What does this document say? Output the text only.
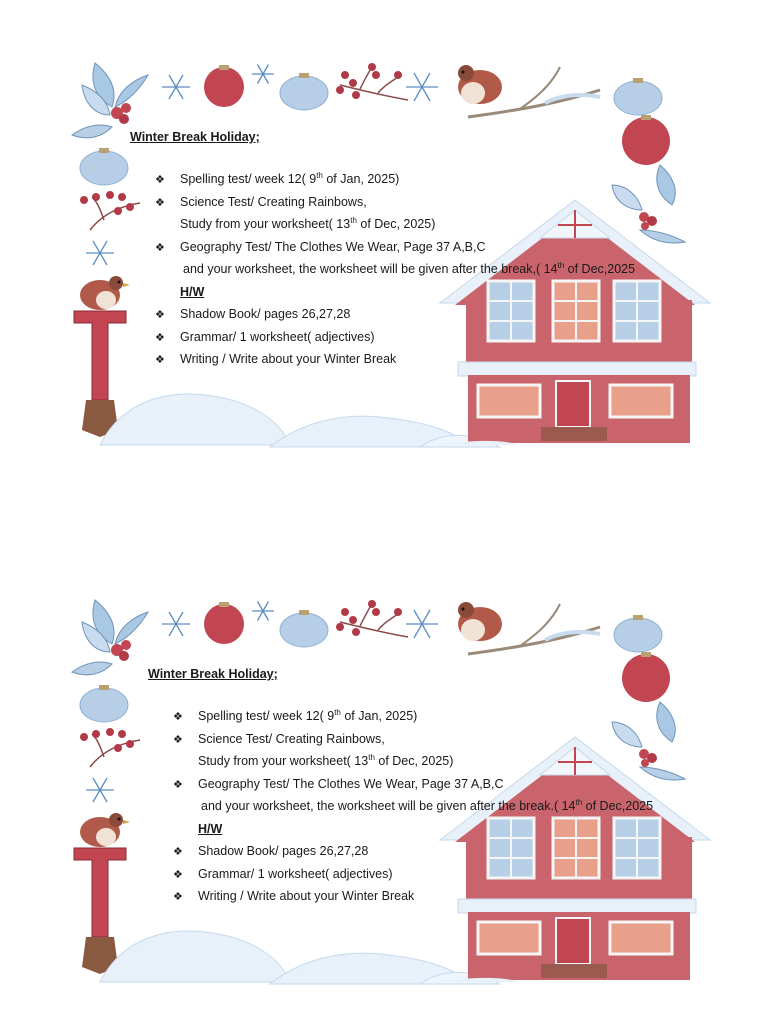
Winter Break Holiday;
❖ Spelling test/ week 12( 9th of Jan, 2025)
❖ Science Test/ Creating Rainbows,
Study from your worksheet( 13th of Dec, 2025)
❖ Geography Test/ The Clothes We Wear, Page 37 A,B,C
and your worksheet, the worksheet will be given after the break,( 14th of Dec,2025
H/W
❖ Shadow Book/ pages 26,27,28
❖ Grammar/ 1 worksheet( adjectives)
❖ Writing / Write about your Winter Break
Winter Break Holiday;
❖ Spelling test/ week 12( 9th of Jan, 2025)
❖ Science Test/ Creating Rainbows,
Study from your worksheet( 13th of Dec, 2025)
❖ Geography Test/ The Clothes We Wear, Page 37 A,B,C
and your worksheet, the worksheet will be given after the break.( 14th of Dec,2025
H/W
❖ Shadow Book/ pages 26,27,28
❖ Grammar/ 1 worksheet( adjectives)
❖ Writing / Write about your Winter Break
